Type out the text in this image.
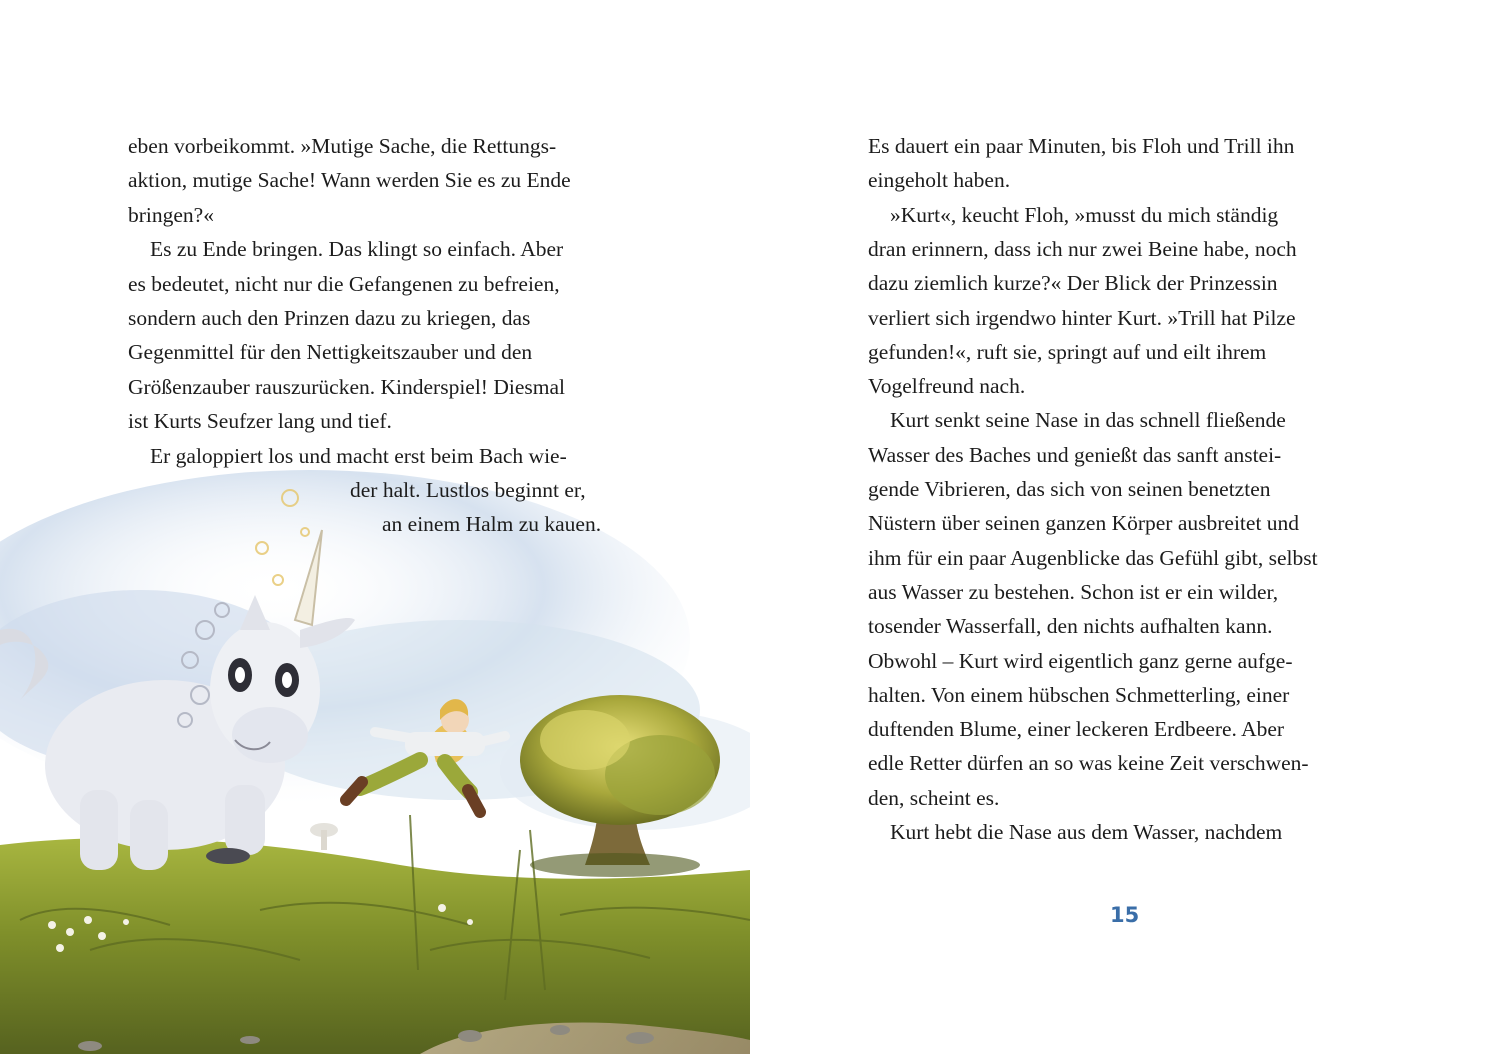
eben vorbeikommt. »Mutige Sache, die Rettungs-
aktion, mutige Sache! Wann werden Sie es zu Ende
bringen?«
Es zu Ende bringen. Das klingt so einfach. Aber
es bedeutet, nicht nur die Gefangenen zu befreien,
sondern auch den Prinzen dazu zu kriegen, das
Gegenmittel für den Nettigkeitszauber und den
Größenzauber rauszurücken. Kinderspiel! Diesmal
ist Kurts Seufzer lang und tief.
Er galoppiert los und macht erst beim Bach wie-
der halt. Lustlos beginnt er,
an einem Halm zu kauen.
Es dauert ein paar Minuten, bis Floh und Trill ihn
eingeholt haben.
»Kurt«, keucht Floh, »musst du mich ständig
dran erinnern, dass ich nur zwei Beine habe, noch
dazu ziemlich kurze?« Der Blick der Prinzessin
verliert sich irgendwo hinter Kurt. »Trill hat Pilze
gefunden!«, ruft sie, springt auf und eilt ihrem
Vogelfreund nach.
Kurt senkt seine Nase in das schnell fließende
Wasser des Baches und genießt das sanft anstei-
gende Vibrieren, das sich von seinen benetzten
Nüstern über seinen ganzen Körper ausbreitet und
ihm für ein paar Augenblicke das Gefühl gibt, selbst
aus Wasser zu bestehen. Schon ist er ein wilder,
tosender Wasserfall, den nichts aufhalten kann.
Obwohl – Kurt wird eigentlich ganz gerne aufge-
halten. Von einem hübschen Schmetterling, einer
duftenden Blume, einer leckeren Erdbeere. Aber
edle Retter dürfen an so was keine Zeit verschwen-
den, scheint es.
Kurt hebt die Nase aus dem Wasser, nachdem
15
